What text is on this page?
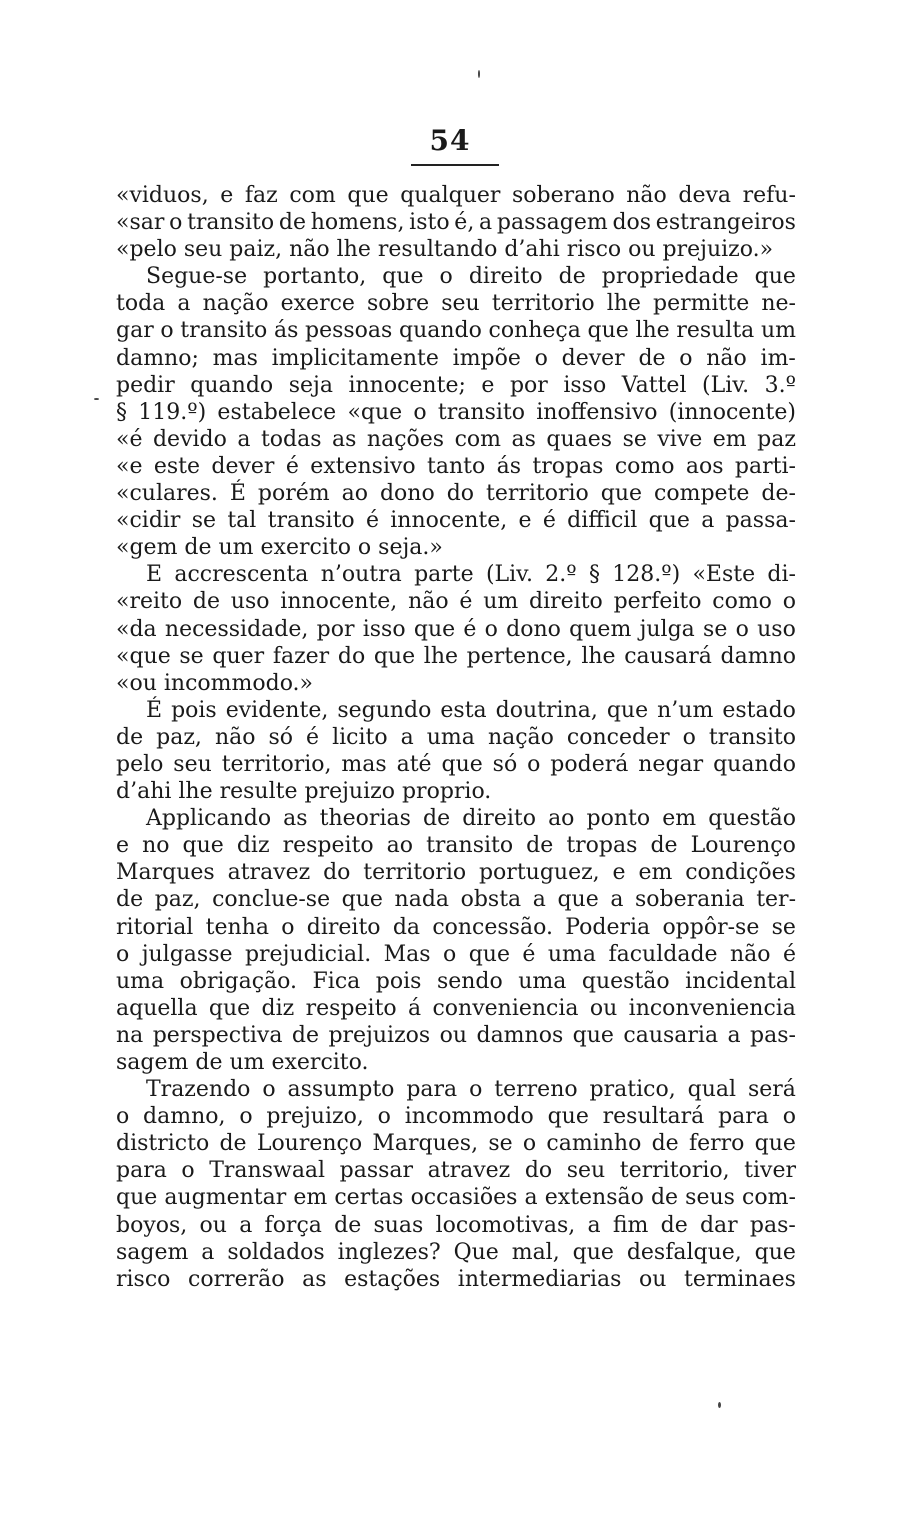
54
«viduos, e faz com que qualquer soberano não deva refu-
«sar o transito de homens, isto é, a passagem dos estrangeiros
«pelo seu paiz, não lhe resultando d’ahi risco ou prejuizo.»
Segue-se portanto, que o direito de propriedade que
toda a nação exerce sobre seu territorio lhe permitte ne-
gar o transito ás pessoas quando conheça que lhe resulta um
damno; mas implicitamente impõe o dever de o não im-
pedir quando seja innocente; e por isso Vattel (Liv. 3.º
§ 119.º) estabelece «que o transito inoffensivo (innocente)
«é devido a todas as nações com as quaes se vive em paz
«e este dever é extensivo tanto ás tropas como aos parti-
«culares. É porém ao dono do territorio que compete de-
«cidir se tal transito é innocente, e é difficil que a passa-
«gem de um exercito o seja.»
E accrescenta n’outra parte (Liv. 2.º § 128.º) «Este di-
«reito de uso innocente, não é um direito perfeito como o
«da necessidade, por isso que é o dono quem julga se o uso
«que se quer fazer do que lhe pertence, lhe causará damno
«ou incommodo.»
É pois evidente, segundo esta doutrina, que n’um estado
de paz, não só é licito a uma nação conceder o transito
pelo seu territorio, mas até que só o poderá negar quando
d’ahi lhe resulte prejuizo proprio.
Applicando as theorias de direito ao ponto em questão
e no que diz respeito ao transito de tropas de Lourenço
Marques atravez do territorio portuguez, e em condições
de paz, conclue-se que nada obsta a que a soberania ter-
ritorial tenha o direito da concessão. Poderia oppôr-se se
o julgasse prejudicial. Mas o que é uma faculdade não é
uma obrigação. Fica pois sendo uma questão incidental
aquella que diz respeito á conveniencia ou inconveniencia
na perspectiva de prejuizos ou damnos que causaria a pas-
sagem de um exercito.
Trazendo o assumpto para o terreno pratico, qual será
o damno, o prejuizo, o incommodo que resultará para o
districto de Lourenço Marques, se o caminho de ferro que
para o Transwaal passar atravez do seu territorio, tiver
que augmentar em certas occasiões a extensão de seus com-
boyos, ou a força de suas locomotivas, a fim de dar pas-
sagem a soldados inglezes? Que mal, que desfalque, que
risco correrão as estações intermediarias ou terminaes
